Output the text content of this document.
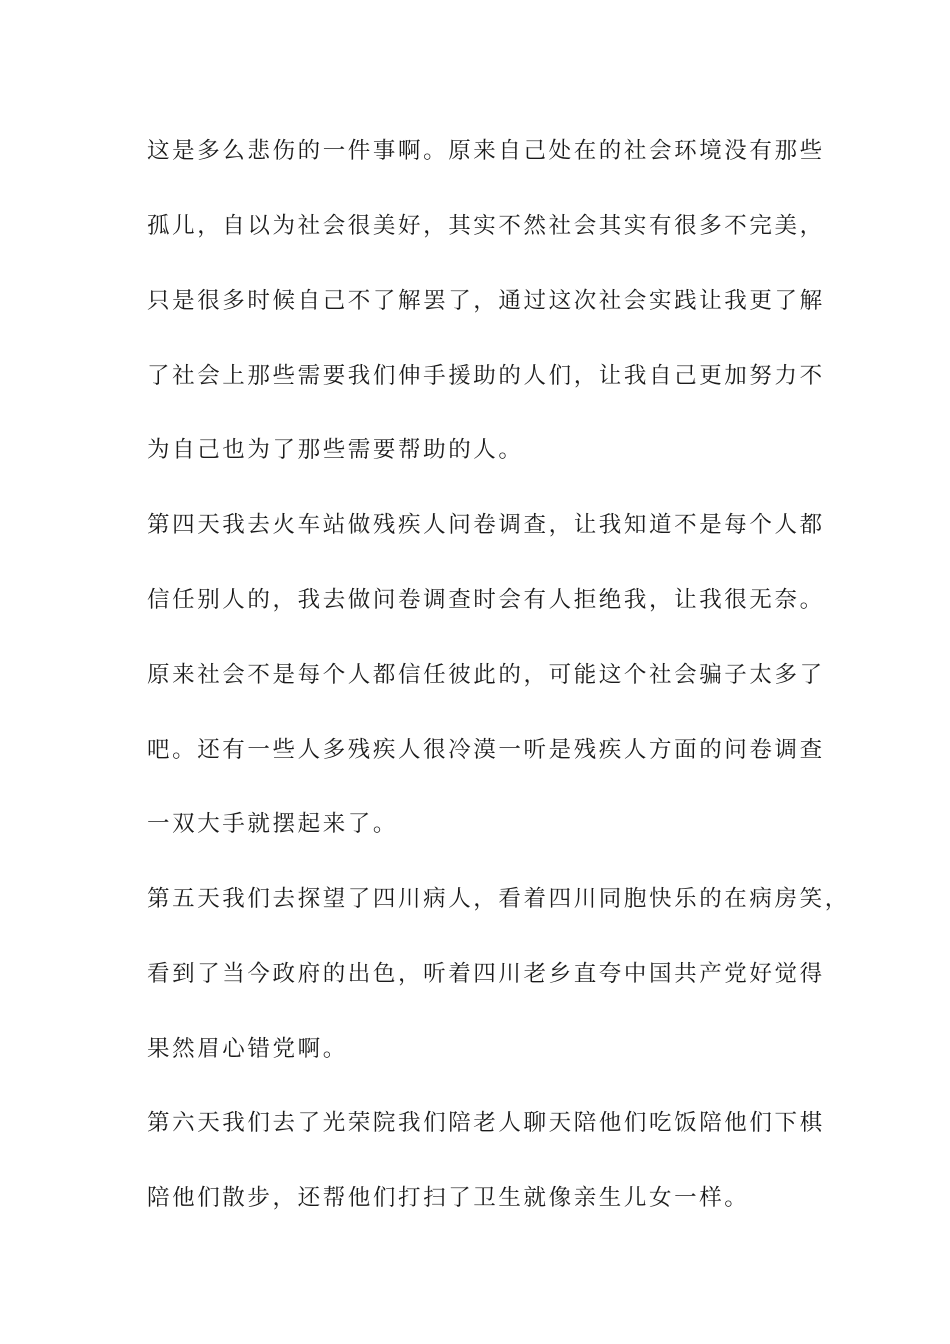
这是多么悲伤的一件事啊。原来自己处在的社会环境没有那些
孤儿，自以为社会很美好，其实不然社会其实有很多不完美，
只是很多时候自己不了解罢了，通过这次社会实践让我更了解
了社会上那些需要我们伸手援助的人们，让我自己更加努力不
为自己也为了那些需要帮助的人。
第四天我去火车站做残疾人问卷调查，让我知道不是每个人都
信任别人的，我去做问卷调查时会有人拒绝我，让我很无奈。
原来社会不是每个人都信任彼此的，可能这个社会骗子太多了
吧。还有一些人多残疾人很冷漠一听是残疾人方面的问卷调查
一双大手就摆起来了。
第五天我们去探望了四川病人，看着四川同胞快乐的在病房笑，
看到了当今政府的出色，听着四川老乡直夸中国共产党好觉得
果然眉心错党啊。
第六天我们去了光荣院我们陪老人聊天陪他们吃饭陪他们下棋
陪他们散步，还帮他们打扫了卫生就像亲生儿女一样。
